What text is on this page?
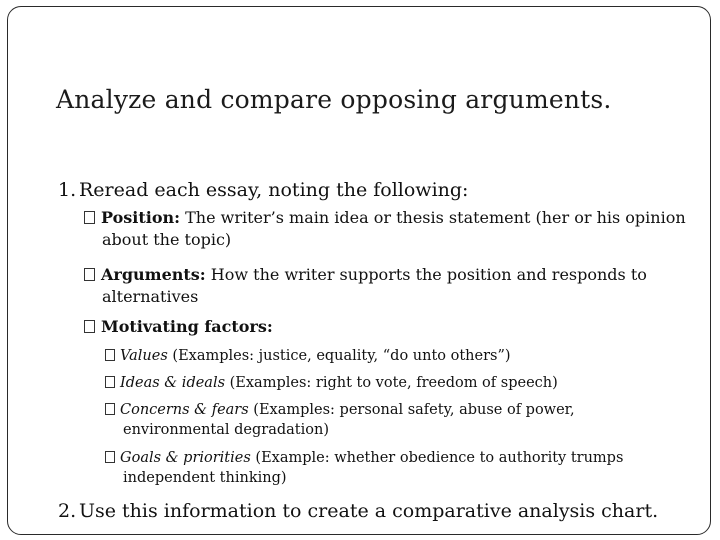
Analyze and compare opposing arguments.
1. Reread each essay, noting the following:
Position: The writer’s main idea or thesis statement (her or his opinion about the topic)
Arguments: How the writer supports the position and responds to alternatives
Motivating factors:
Values (Examples: justice, equality, “do unto others”)
Ideas & ideals (Examples: right to vote, freedom of speech)
Concerns & fears (Examples: personal safety, abuse of power, environmental degradation)
Goals & priorities (Example: whether obedience to authority trumps independent thinking)
2. Use this information to create a comparative analysis chart.
